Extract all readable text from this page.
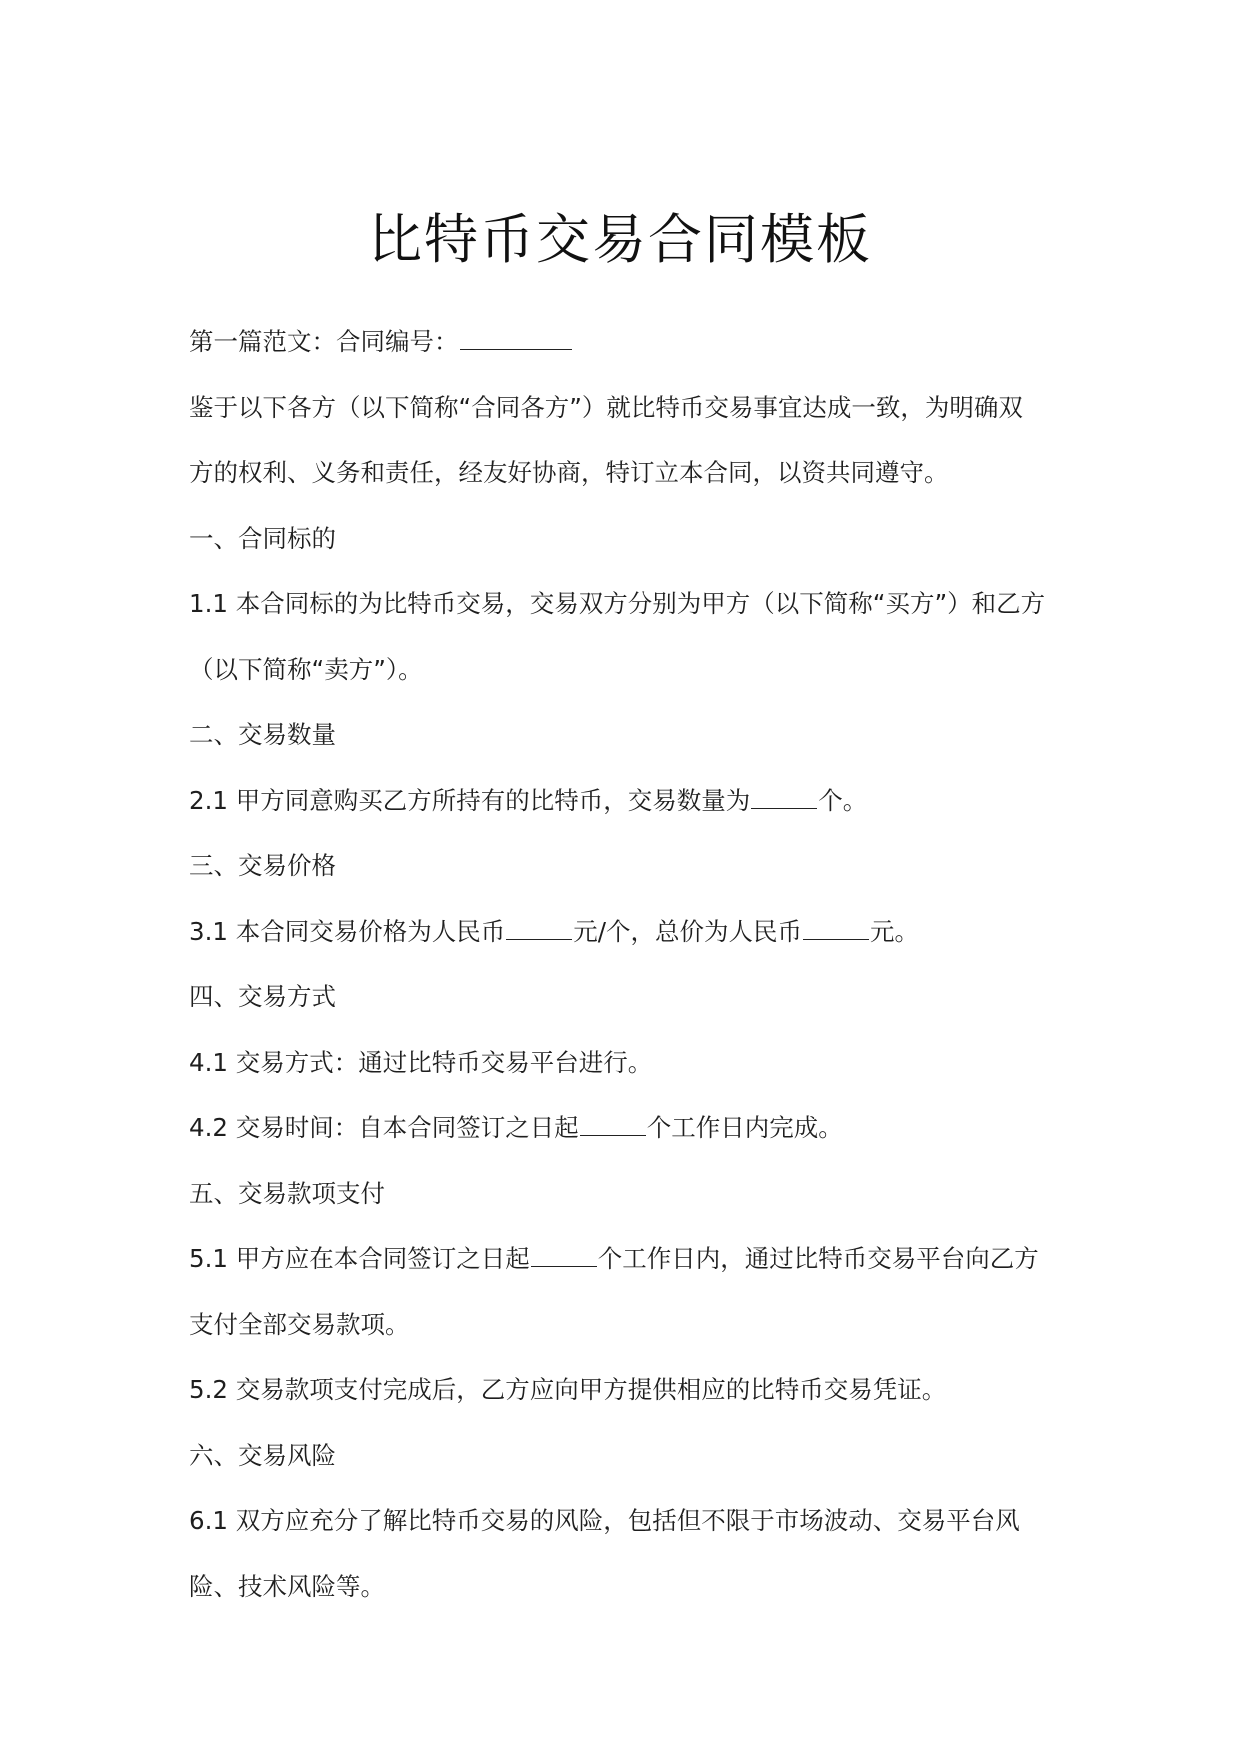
比特币交易合同模板
第一篇范文：合同编号：
鉴于以下各方（以下简称“合同各方”）就比特币交易事宜达成一致，为明确双
方的权利、义务和责任，经友好协商，特订立本合同，以资共同遵守。
一、合同标的
1.1 本合同标的为比特币交易，交易双方分别为甲方（以下简称“买方”）和乙方
（以下简称“卖方”）。
二、交易数量
2.1 甲方同意购买乙方所持有的比特币，交易数量为	个。
三、交易价格
3.1 本合同交易价格为人民币	元/个，总价为人民币	元。
四、交易方式
4.1 交易方式：通过比特币交易平台进行。
4.2 交易时间：自本合同签订之日起	个工作日内完成。
五、交易款项支付
5.1 甲方应在本合同签订之日起	个工作日内，通过比特币交易平台向乙方
支付全部交易款项。
5.2 交易款项支付完成后，乙方应向甲方提供相应的比特币交易凭证。
六、交易风险
6.1 双方应充分了解比特币交易的风险，包括但不限于市场波动、交易平台风
险、技术风险等。
